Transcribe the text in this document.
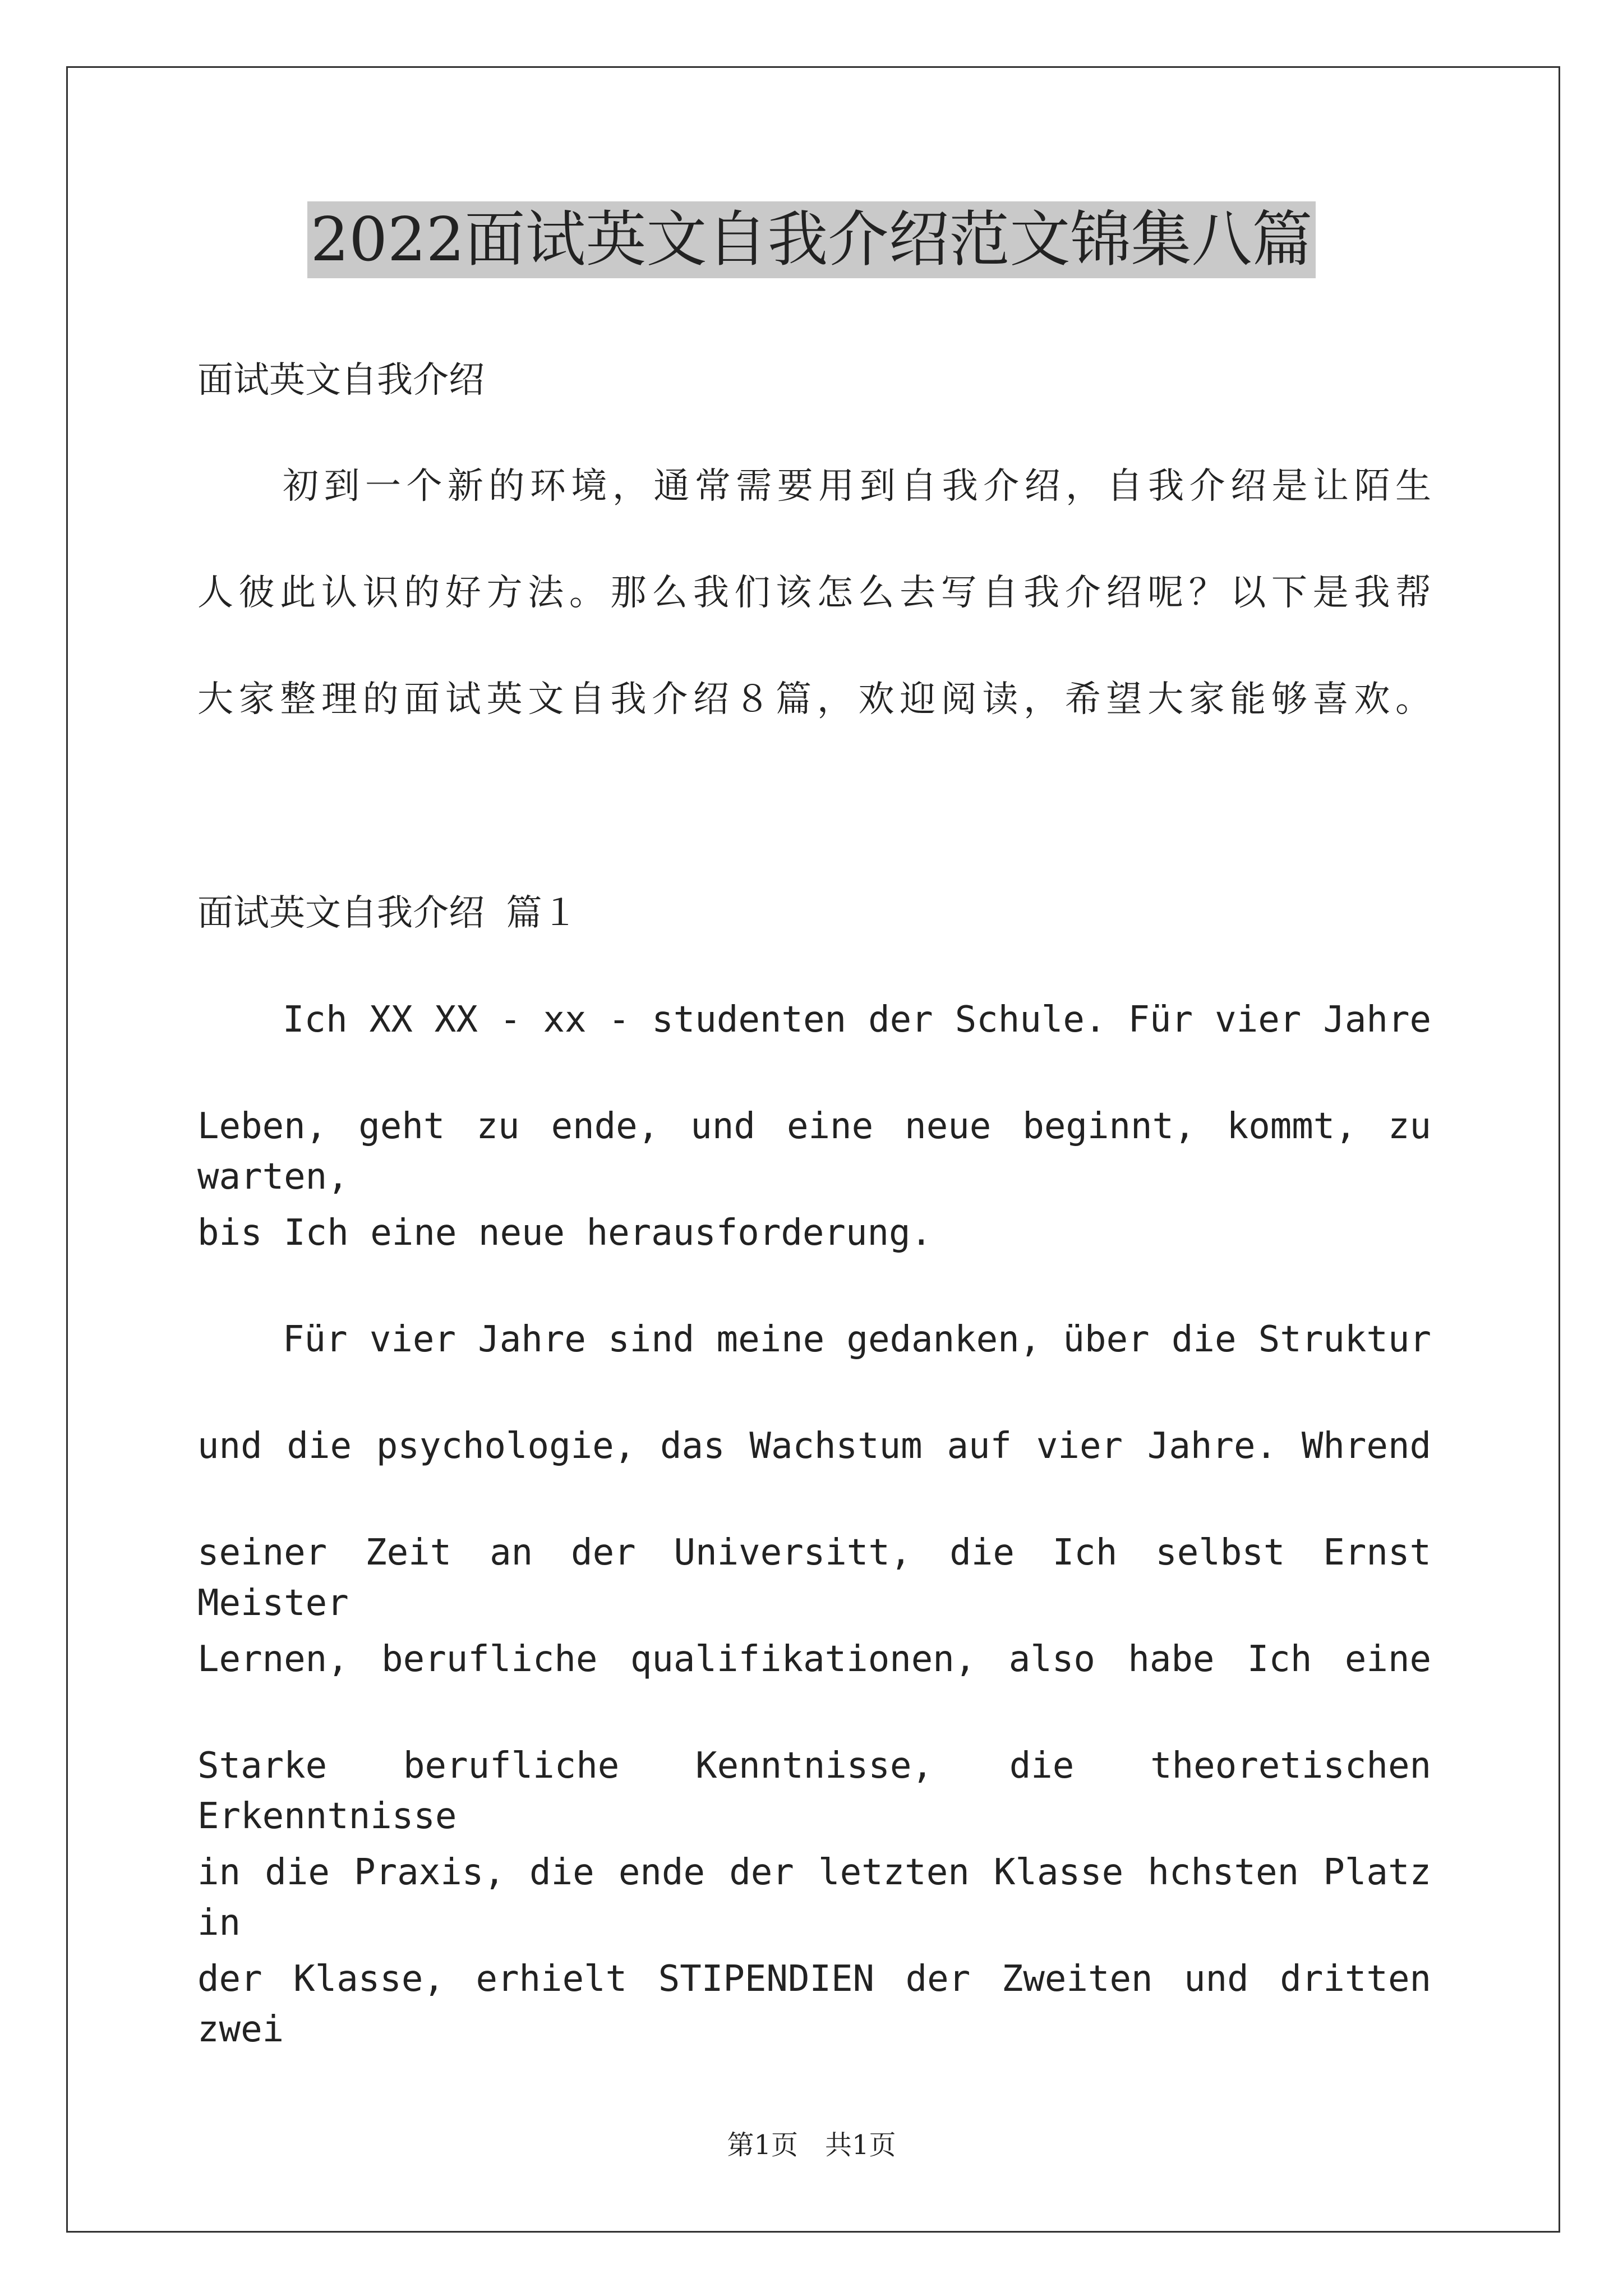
2022面试英文自我介绍范文锦集八篇
面试英文自我介绍
初到一个新的环境，通常需要用到自我介绍，自我介绍是让陌生
人彼此认识的好方法。那么我们该怎么去写自我介绍呢？以下是我帮
大家整理的面试英文自我介绍８篇，欢迎阅读，希望大家能够喜欢。
面试英文自我介绍 篇１
Ich XX XX - xx - studenten der Schule. Für vier Jahre
Leben, geht zu ende, und eine neue beginnt, kommt, zu warten,
bis Ich eine neue herausforderung.
Für vier Jahre sind meine gedanken, über die Struktur
und die psychologie, das Wachstum auf vier Jahre. Whrend
seiner Zeit an der Universitt, die Ich selbst Ernst Meister
Lernen, berufliche qualifikationen, also habe Ich eine
Starke berufliche Kenntnisse, die theoretischen Erkenntnisse
in die Praxis, die ende der letzten Klasse hchsten Platz in
der Klasse, erhielt STIPENDIEN der Zweiten und dritten zwei
第1页 共1页
